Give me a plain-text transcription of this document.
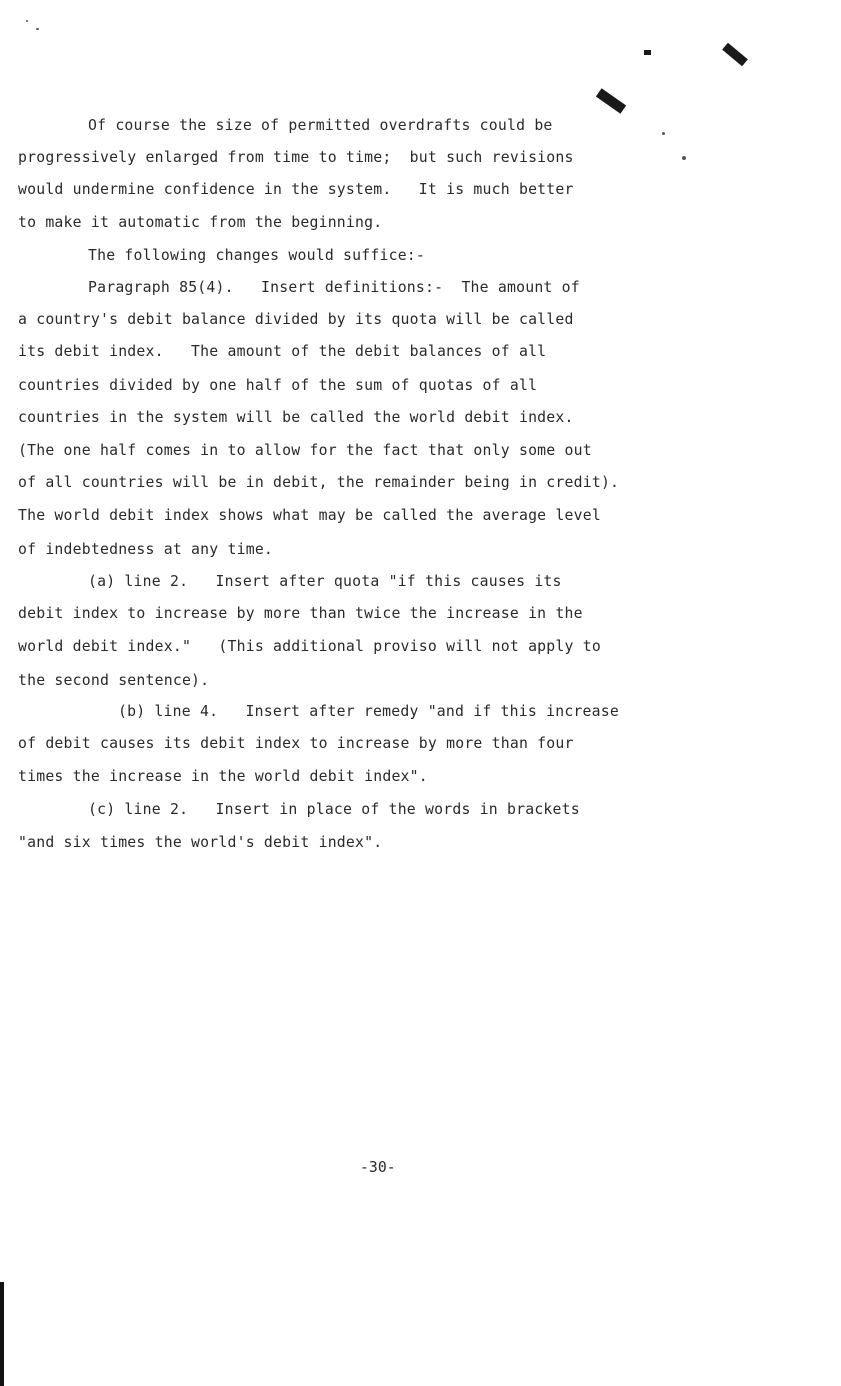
Of course the size of permitted overdrafts could be
progressively enlarged from time to time;  but such revisions
would undermine confidence in the system.   It is much better
to make it automatic from the beginning.
The following changes would suffice:-
Paragraph 85(4).   Insert definitions:-  The amount of
a country's debit balance divided by its quota will be called
its debit index.   The amount of the debit balances of all
countries divided by one half of the sum of quotas of all
countries in the system will be called the world debit index.
(The one half comes in to allow for the fact that only some out
of all countries will be in debit, the remainder being in credit).
The world debit index shows what may be called the average level
of indebtedness at any time.
(a) line 2.   Insert after quota "if this causes its
debit index to increase by more than twice the increase in the
world debit index."   (This additional proviso will not apply to
the second sentence).
(b) line 4.   Insert after remedy "and if this increase
of debit causes its debit index to increase by more than four
times the increase in the world debit index".
(c) line 2.   Insert in place of the words in brackets
"and six times the world's debit index".
-30-
